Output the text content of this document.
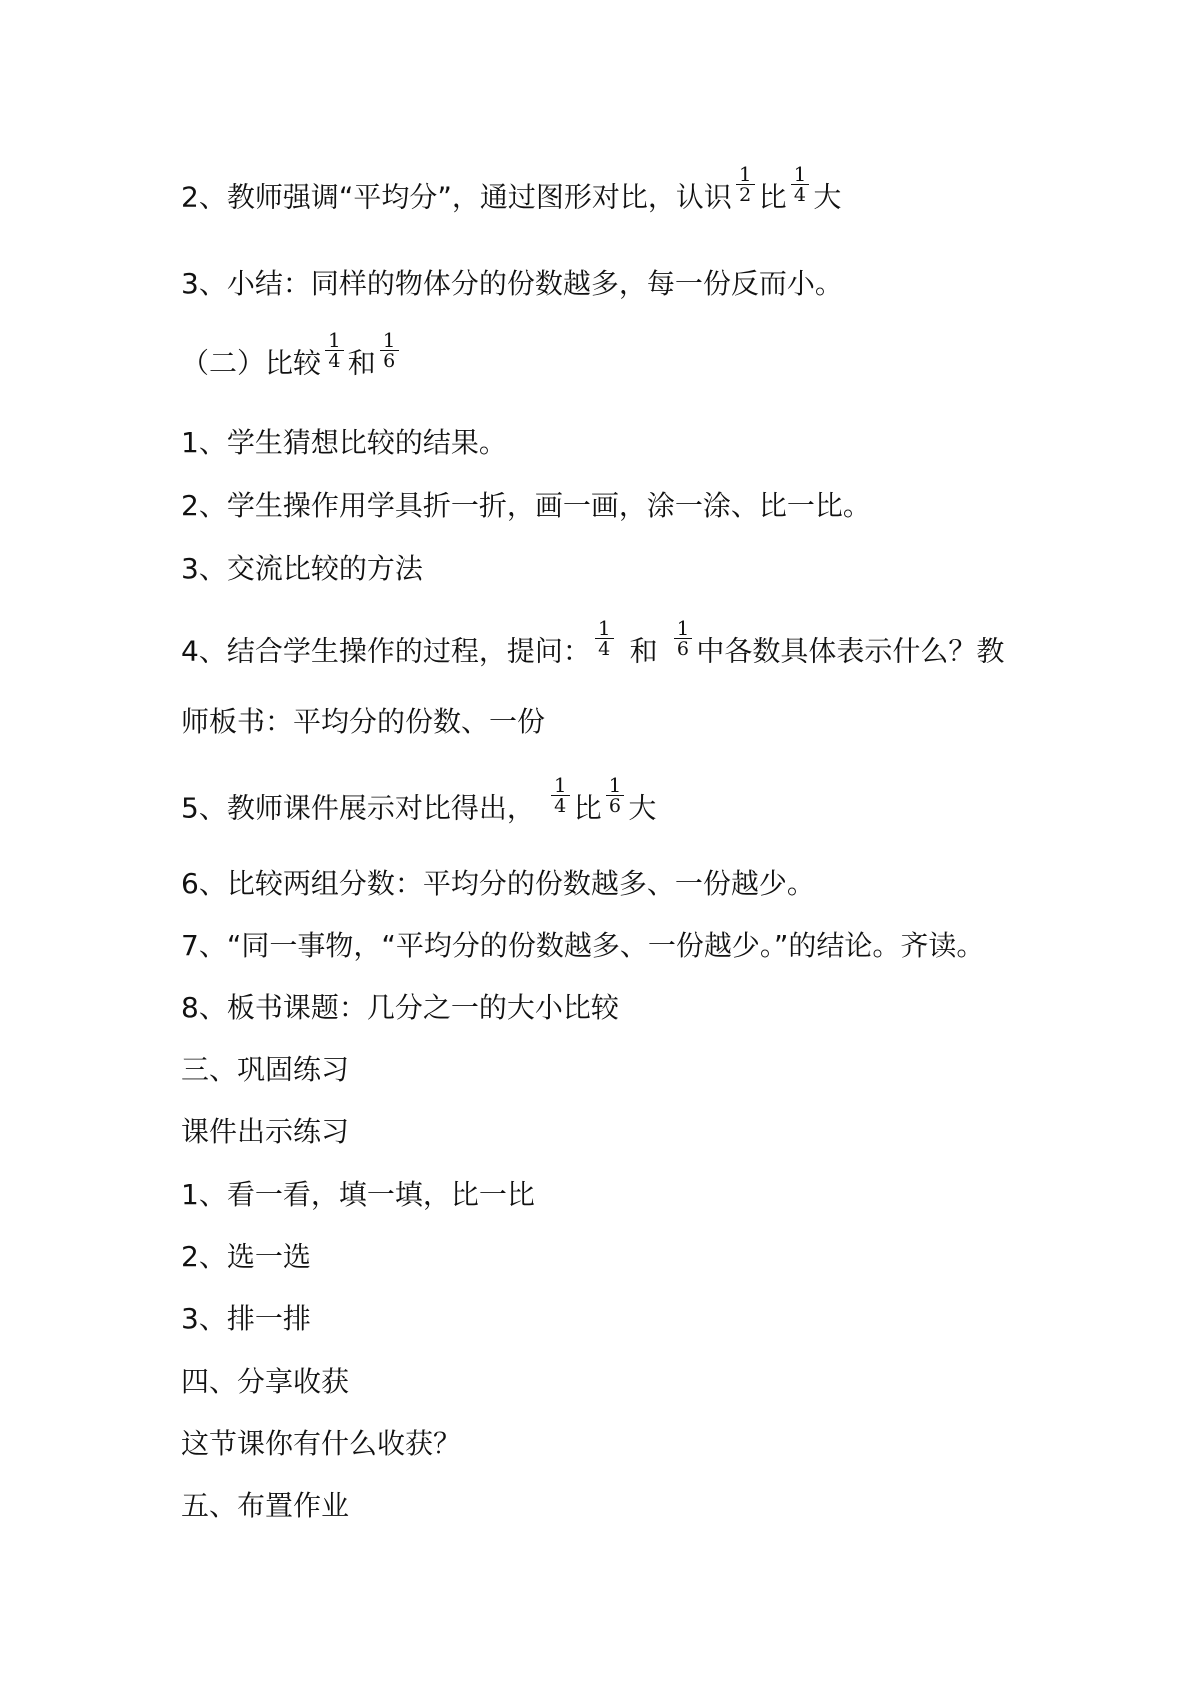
2、教师强调“平均分”，通过图形对比，认识 $\frac{1}{2}$ 比 $\frac{1}{4}$ 大
3、小结：同样的物体分的份数越多，每一份反而小。
（二）比较 $\frac{1}{4}$ 和 $\frac{1}{6}$
1、学生猜想比较的结果。
2、学生操作用学具折一折，画一画，涂一涂、比一比。
3、交流比较的方法
4、结合学生操作的过程，提问： $\frac{1}{4}$ 和 $\frac{1}{6}$ 中各数具体表示什么？教
师板书：平均分的份数、一份
5、教师课件展示对比得出， $\frac{1}{4}$ 比 $\frac{1}{6}$ 大
6、比较两组分数：平均分的份数越多、一份越少。
7、“同一事物，“平均分的份数越多、一份越少。”的结论。齐读。
8、板书课题：几分之一的大小比较
三、巩固练习
课件出示练习
1、看一看，填一填，比一比
2、选一选
3、排一排
四、分享收获
这节课你有什么收获？
五、布置作业
